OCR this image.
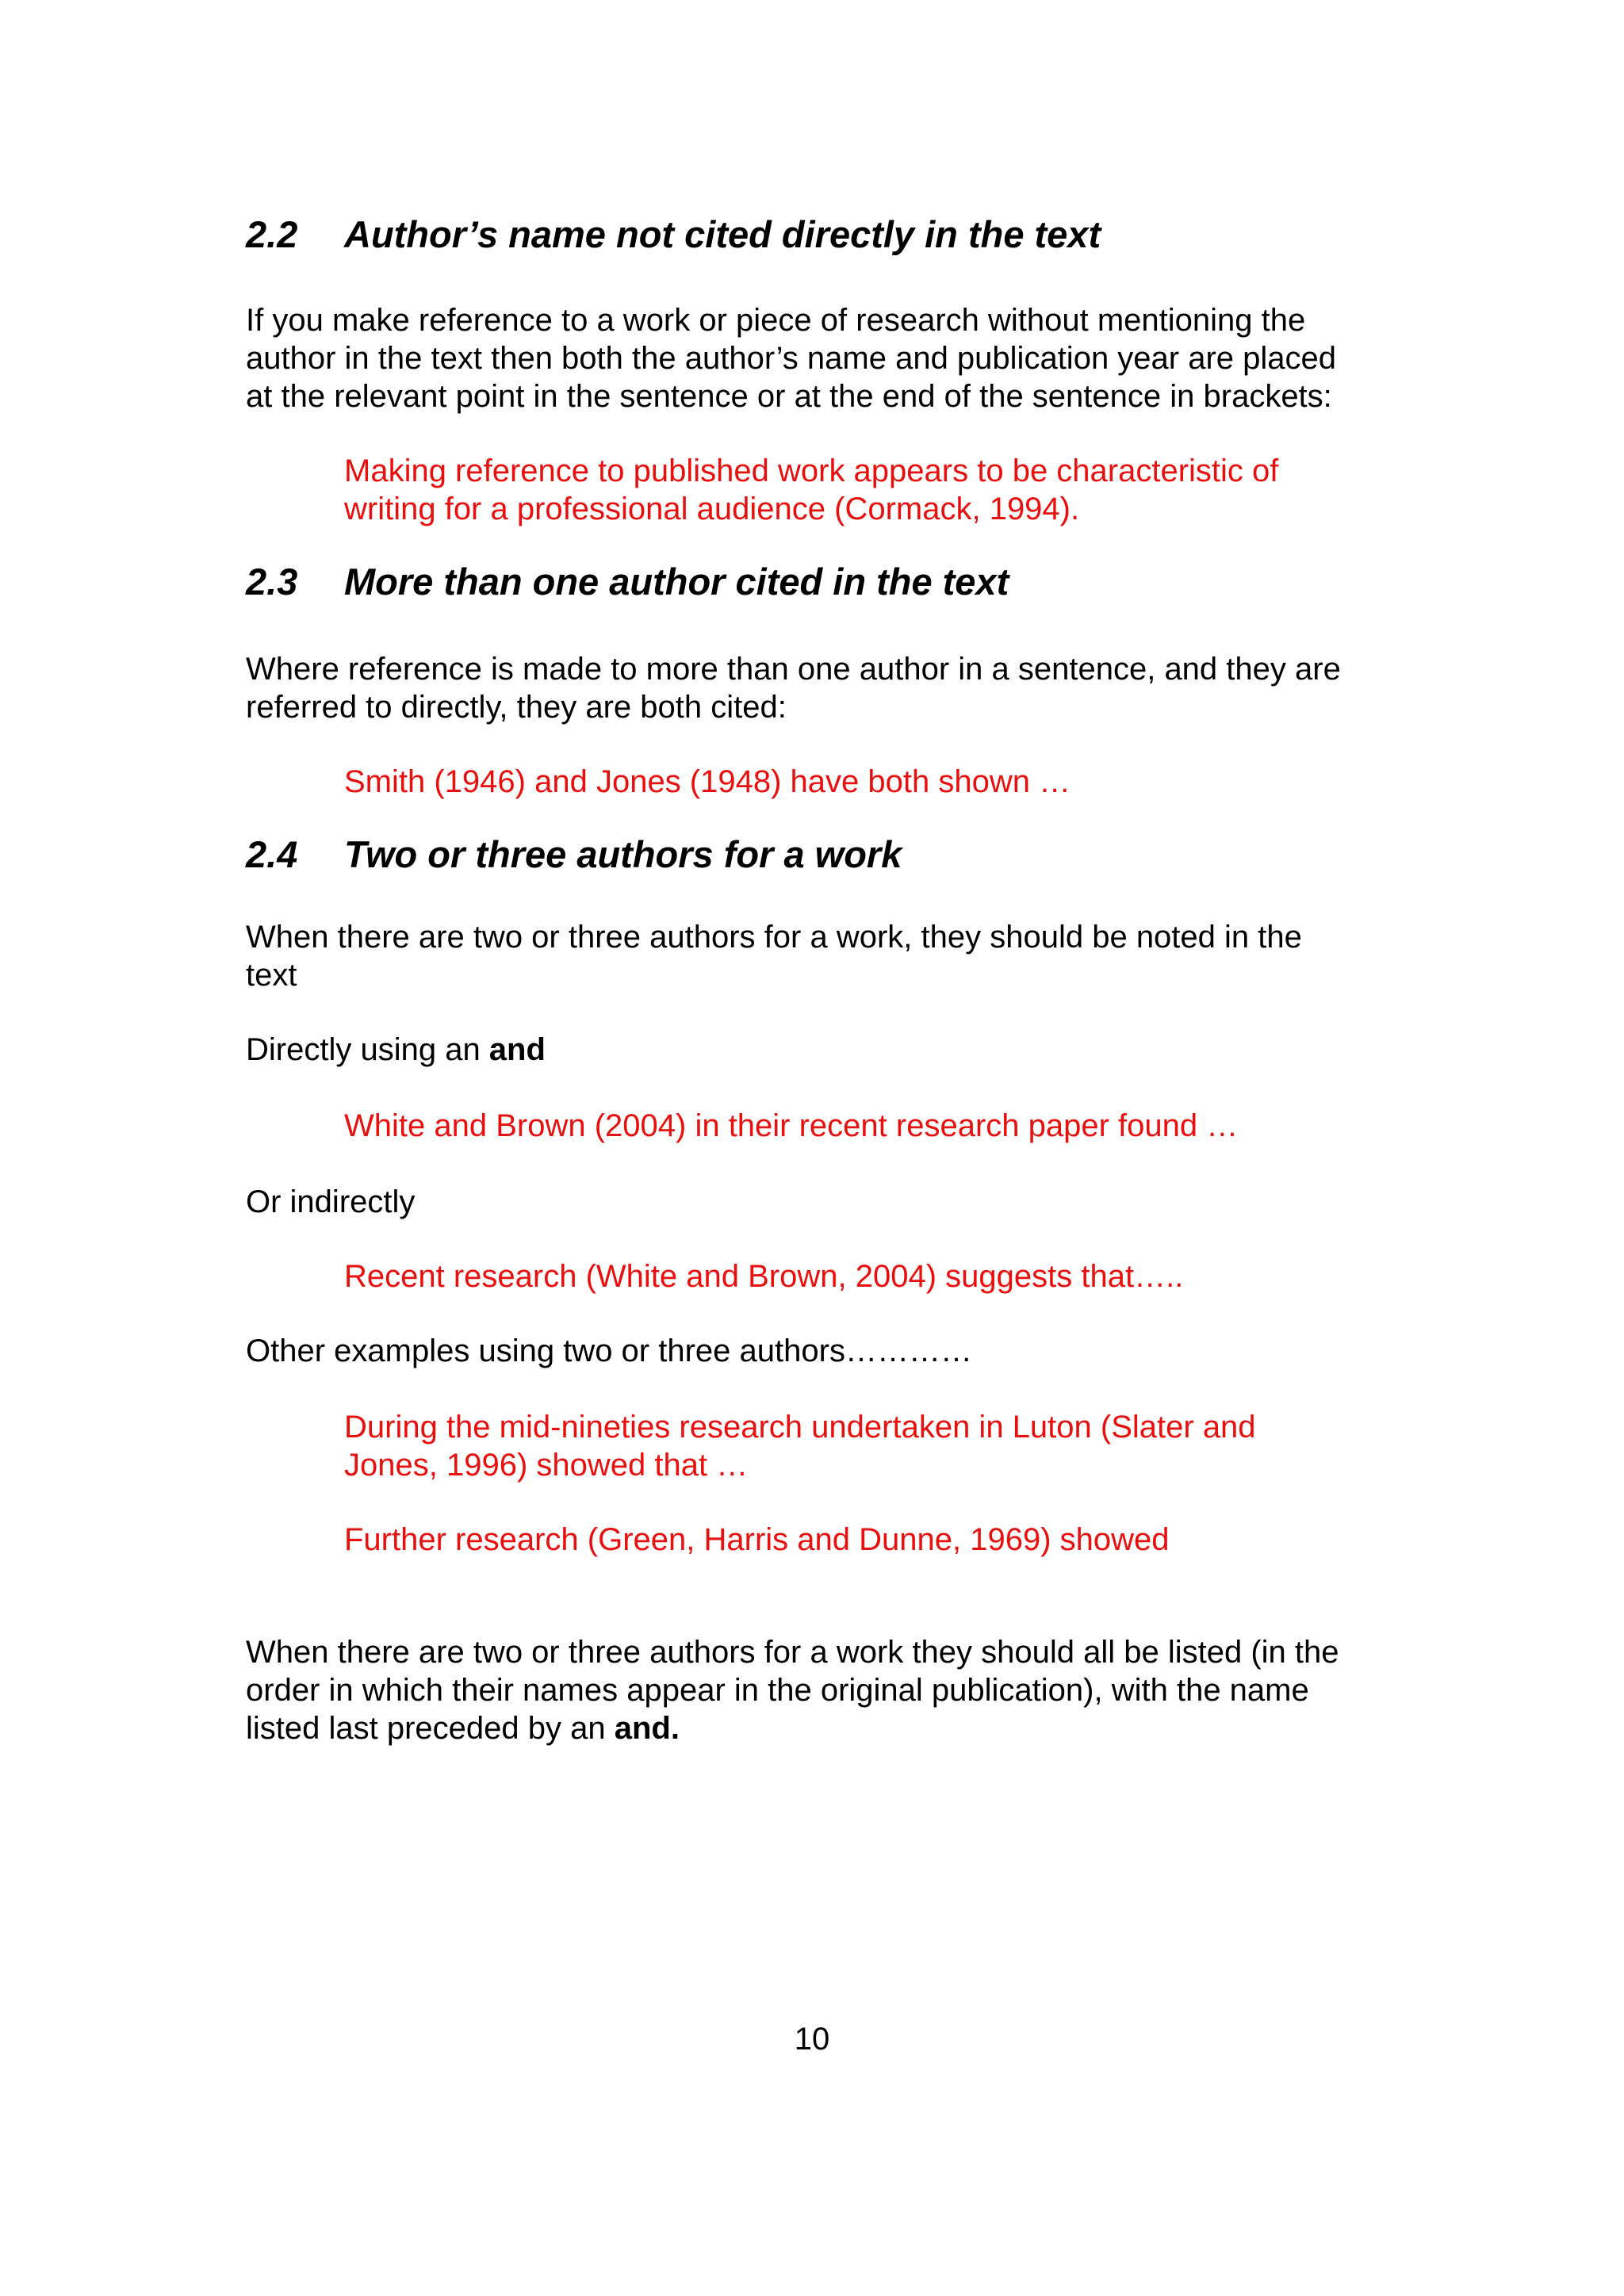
2.2 Author’s name not cited directly in the text
If you make reference to a work or piece of research without mentioning the
author in the text then both the author’s name and publication year are placed
at the relevant point in the sentence or at the end of the sentence in brackets:
Making reference to published work appears to be characteristic of
writing for a professional audience (Cormack, 1994).
2.3 More than one author cited in the text
Where reference is made to more than one author in a sentence, and they are
referred to directly, they are both cited:
Smith (1946) and Jones (1948) have both shown …
2.4 Two or three authors for a work
When there are two or three authors for a work, they should be noted in the
text
Directly using an and
White and Brown (2004) in their recent research paper found …
Or indirectly
Recent research (White and Brown, 2004) suggests that…..
Other examples using two or three authors…………
During the mid-nineties research undertaken in Luton (Slater and
Jones, 1996) showed that …
Further research (Green, Harris and Dunne, 1969) showed
When there are two or three authors for a work they should all be listed (in the
order in which their names appear in the original publication), with the name
listed last preceded by an and.
10
